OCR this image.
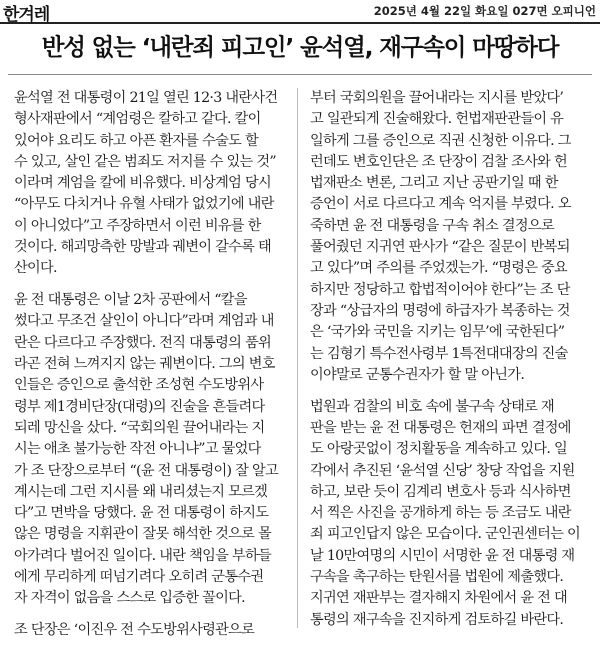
한겨레	2025년 4월 22일 화요일 027면 오피니언
반성 없는 ‘내란죄 피고인’ 윤석열, 재구속이 마땅하다
윤석열 전 대통령이 21일 열린 12·3 내란사건
형사재판에서 “계엄령은 칼하고 같다. 칼이
있어야 요리도 하고 아픈 환자를 수술도 할
수 있고, 살인 같은 범죄도 저지를 수 있는 것”
이라며 계엄을 칼에 비유했다. 비상계엄 당시
“아무도 다치거나 유혈 사태가 없었기에 내란
이 아니었다”고 주장하면서 이런 비유를 한
것이다. 해괴망측한 망발과 궤변이 갈수록 태
산이다.
윤 전 대통령은 이날 2차 공판에서 “칼을
썼다고 무조건 살인이 아니다”라며 계엄과 내
란은 다르다고 주장했다. 전직 대통령의 품위
라곤 전혀 느껴지지 않는 궤변이다. 그의 변호
인들은 증인으로 출석한 조성현 수도방위사
령부 제1경비단장(대령)의 진술을 흔들려다
되레 망신을 샀다. “국회의원 끌어내라는 지
시는 애초 불가능한 작전 아니냐”고 물었다
가 조 단장으로부터 “(윤 전 대통령이) 잘 알고
계시는데 그런 지시를 왜 내리셨는지 모르겠
다”고 면박을 당했다. 윤 전 대통령이 하지도
않은 명령을 지휘관이 잘못 해석한 것으로 몰
아가려다 벌어진 일이다. 내란 책임을 부하들
에게 무리하게 떠넘기려다 오히려 군통수권
자 자격이 없음을 스스로 입증한 꼴이다.
조 단장은 ‘이진우 전 수도방위사령관으로
부터 국회의원을 끌어내라는 지시를 받았다’
고 일관되게 진술해왔다. 헌법재판관들이 유
일하게 그를 증인으로 직권 신청한 이유다. 그
런데도 변호인단은 조 단장이 검찰 조사와 헌
법재판소 변론, 그리고 지난 공판기일 때 한
증언이 서로 다르다고 계속 억지를 부렸다. 오
죽하면 윤 전 대통령을 구속 취소 결정으로
풀어줬던 지귀연 판사가 “같은 질문이 반복되
고 있다”며 주의를 주었겠는가. “명령은 중요
하지만 정당하고 합법적이어야 한다”는 조 단
장과 “상급자의 명령에 하급자가 복종하는 것
은 ‘국가와 국민을 지키는 임무’에 국한된다”
는 김형기 특수전사령부 1특전대대장의 진술
이야말로 군통수권자가 할 말 아닌가.
법원과 검찰의 비호 속에 불구속 상태로 재
판을 받는 윤 전 대통령은 헌재의 파면 결정에
도 아랑곳없이 정치활동을 계속하고 있다. 일
각에서 추진된 ‘윤석열 신당’ 창당 작업을 지원
하고, 보란 듯이 김계리 변호사 등과 식사하면
서 찍은 사진을 공개하게 하는 등 조금도 내란
죄 피고인답지 않은 모습이다. 군인권센터는 이
날 10만여명의 시민이 서명한 윤 전 대통령 재
구속을 촉구하는 탄원서를 법원에 제출했다.
지귀연 재판부는 결자해지 차원에서 윤 전 대
통령의 재구속을 진지하게 검토하길 바란다.
